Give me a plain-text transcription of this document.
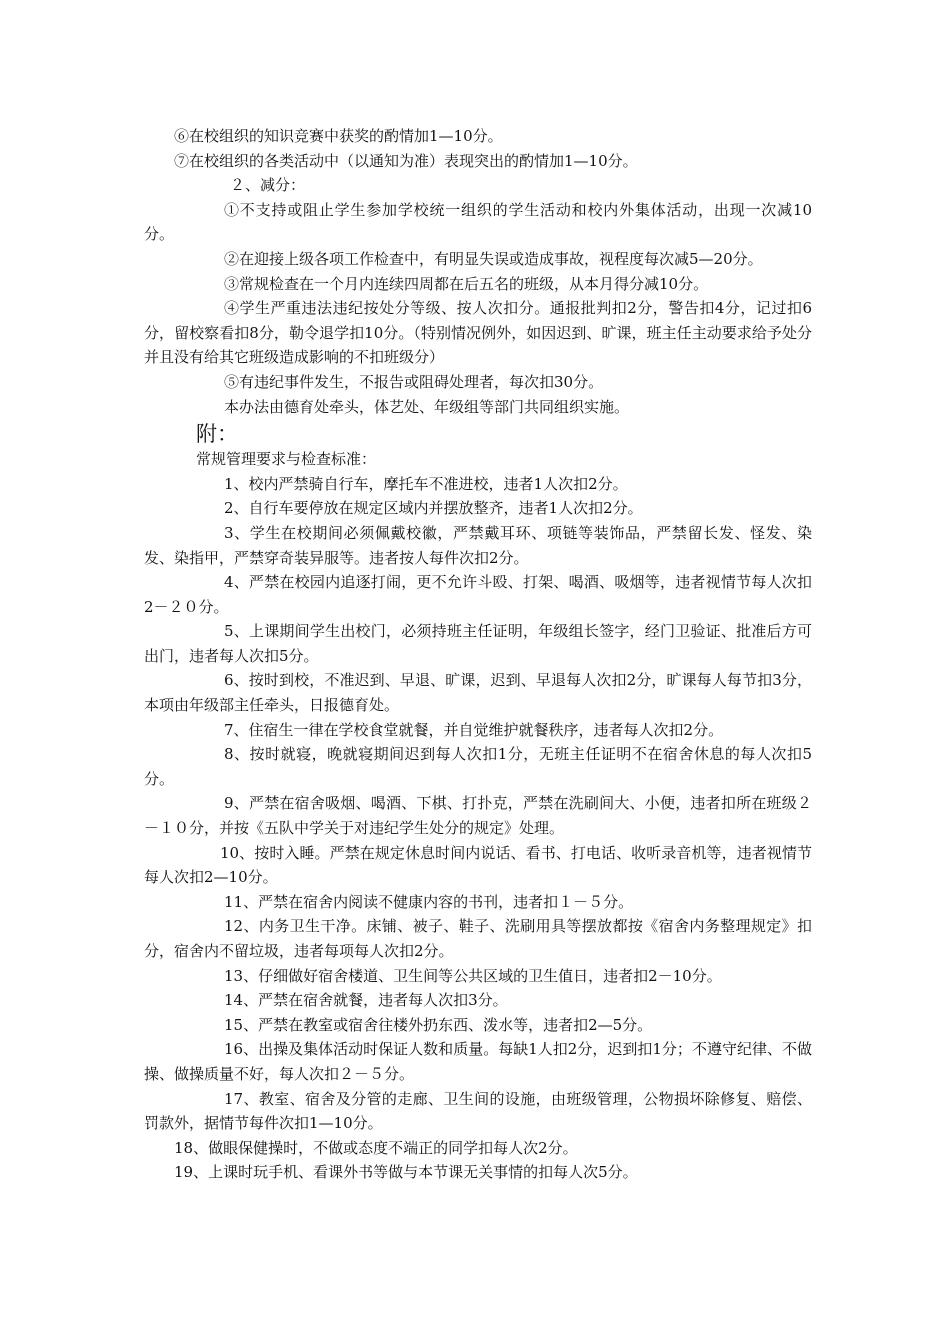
⑥在校组织的知识竞赛中获奖的酌情加1—10分。

⑦在校组织的各类活动中（以通知为准）表现突出的酌情加1—10分。

２、减分：

①不支持或阻止学生参加学校统一组织的学生活动和校内外集体活动，出现一次减10分。

②在迎接上级各项工作检查中，有明显失误或造成事故，视程度每次减5—20分。

③常规检查在一个月内连续四周都在后五名的班级，从本月得分减10分。

④学生严重违法违纪按处分等级、按人次扣分。通报批判扣2分，警告扣4分，记过扣6分，留校察看扣8分，勒令退学扣10分。（特别情况例外，如因迟到、旷课，班主任主动要求给予处分并且没有给其它班级造成影响的不扣班级分）

⑤有违纪事件发生，不报告或阻碍处理者，每次扣30分。

本办法由德育处牵头，体艺处、年级组等部门共同组织实施。

附：

常规管理要求与检查标准：

1、校内严禁骑自行车，摩托车不准进校，违者1人次扣2分。

2、自行车要停放在规定区域内并摆放整齐，违者1人次扣2分。

3、学生在校期间必须佩戴校徽，严禁戴耳环、项链等装饰品，严禁留长发、怪发、染发、染指甲，严禁穿奇装异服等。违者按人每件次扣2分。

4、严禁在校园内追逐打闹，更不允许斗殴、打架、喝酒、吸烟等，违者视情节每人次扣2－２０分。

5、上课期间学生出校门，必须持班主任证明，年级组长签字，经门卫验证、批准后方可出门，违者每人次扣5分。

6、按时到校，不准迟到、早退、旷课，迟到、早退每人次扣2分，旷课每人每节扣3分，本项由年级部主任牵头，日报德育处。

7、住宿生一律在学校食堂就餐，并自觉维护就餐秩序，违者每人次扣2分。

8、按时就寝，晚就寝期间迟到每人次扣1分，无班主任证明不在宿舍休息的每人次扣5分。

9、严禁在宿舍吸烟、喝酒、下棋、打扑克，严禁在洗刷间大、小便，违者扣所在班级２－１０分，并按《五队中学关于对违纪学生处分的规定》处理。

10、按时入睡。严禁在规定休息时间内说话、看书、打电话、收听录音机等，违者视情节每人次扣2—10分。

11、严禁在宿舍内阅读不健康内容的书刊，违者扣１－５分。

12、内务卫生干净。床铺、被子、鞋子、洗刷用具等摆放都按《宿舍内务整理规定》扣分，宿舍内不留垃圾，违者每项每人次扣2分。

13、仔细做好宿舍楼道、卫生间等公共区域的卫生值日，违者扣2－10分。

14、严禁在宿舍就餐，违者每人次扣3分。

15、严禁在教室或宿舍往楼外扔东西、泼水等，违者扣2—5分。

16、出操及集体活动时保证人数和质量。每缺1人扣2分，迟到扣1分；不遵守纪律、不做操、做操质量不好，每人次扣２－５分。

17、教室、宿舍及分管的走廊、卫生间的设施，由班级管理，公物损坏除修复、赔偿、罚款外，据情节每件次扣1—10分。

18、做眼保健操时，不做或态度不端正的同学扣每人次2分。

19、上课时玩手机、看课外书等做与本节课无关事情的扣每人次5分。
